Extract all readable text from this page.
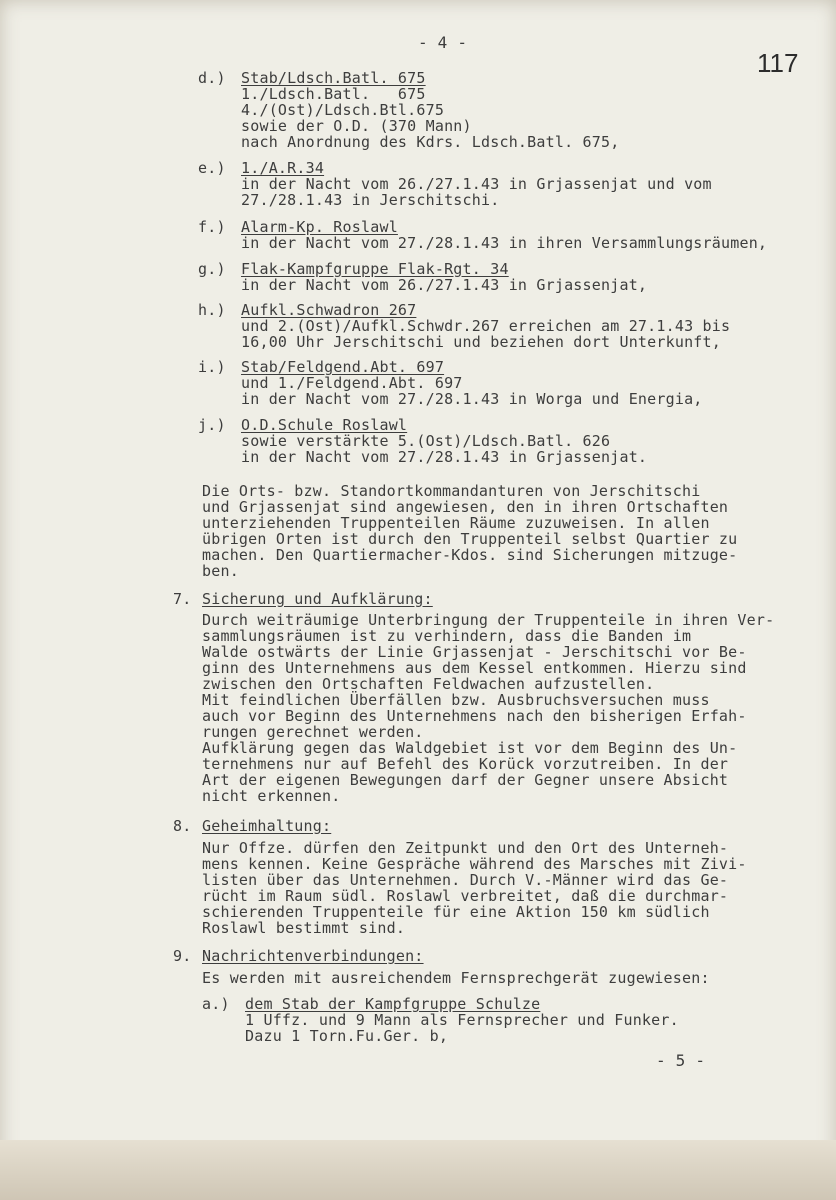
- 4 -
117
d.) Stab/Ldsch.Batl. 675
1./Ldsch.Batl.   675
4./(Ost)/Ldsch.Btl.675
sowie der O.D. (370 Mann)
nach Anordnung des Kdrs. Ldsch.Batl. 675,
e.) 1./A.R.34
in der Nacht vom 26./27.1.43 in Grjassenjat und vom
27./28.1.43 in Jerschitschi.
f.) Alarm-Kp. Roslawl
in der Nacht vom 27./28.1.43 in ihren Versammlungsräumen,
g.) Flak-Kampfgruppe Flak-Rgt. 34
in der Nacht vom 26./27.1.43 in Grjassenjat,
h.) Aufkl.Schwadron 267
und 2.(Ost)/Aufkl.Schwdr.267 erreichen am 27.1.43 bis
16,00 Uhr Jerschitschi und beziehen dort Unterkunft,
i.) Stab/Feldgend.Abt. 697
und 1./Feldgend.Abt. 697
in der Nacht vom 27./28.1.43 in Worga und Energia,
j.) O.D.Schule Roslawl
sowie verstärkte 5.(Ost)/Ldsch.Batl. 626
in der Nacht vom 27./28.1.43 in Grjassenjat.
Die Orts- bzw. Standortkommandanturen von Jerschitschi
und Grjassenjat sind angewiesen, den in ihren Ortschaften
unterziehenden Truppenteilen Räume zuzuweisen. In allen
übrigen Orten ist durch den Truppenteil selbst Quartier zu
machen. Den Quartiermacher-Kdos. sind Sicherungen mitzuge-
ben.
7. Sicherung und Aufklärung:
Durch weiträumige Unterbringung der Truppenteile in ihren Ver-
sammlungsräumen ist zu verhindern, dass die Banden im
Walde ostwärts der Linie Grjassenjat - Jerschitschi vor Be-
ginn des Unternehmens aus dem Kessel entkommen. Hierzu sind
zwischen den Ortschaften Feldwachen aufzustellen.
Mit feindlichen Überfällen bzw. Ausbruchsversuchen muss
auch vor Beginn des Unternehmens nach den bisherigen Erfah-
rungen gerechnet werden.
Aufklärung gegen das Waldgebiet ist vor dem Beginn des Un-
ternehmens nur auf Befehl des Korück vorzutreiben. In der
Art der eigenen Bewegungen darf der Gegner unsere Absicht
nicht erkennen.
8. Geheimhaltung:
Nur Offze. dürfen den Zeitpunkt und den Ort des Unterneh-
mens kennen. Keine Gespräche während des Marsches mit Zivi-
listen über das Unternehmen. Durch V.-Männer wird das Ge-
rücht im Raum südl. Roslawl verbreitet, daß die durchmar-
schierenden Truppenteile für eine Aktion 150 km südlich
Roslawl bestimmt sind.
9. Nachrichtenverbindungen:
Es werden mit ausreichendem Fernsprechgerät zugewiesen:
a.) dem Stab der Kampfgruppe Schulze
1 Uffz. und 9 Mann als Fernsprecher und Funker.
Dazu 1 Torn.Fu.Ger. b,
- 5 -
